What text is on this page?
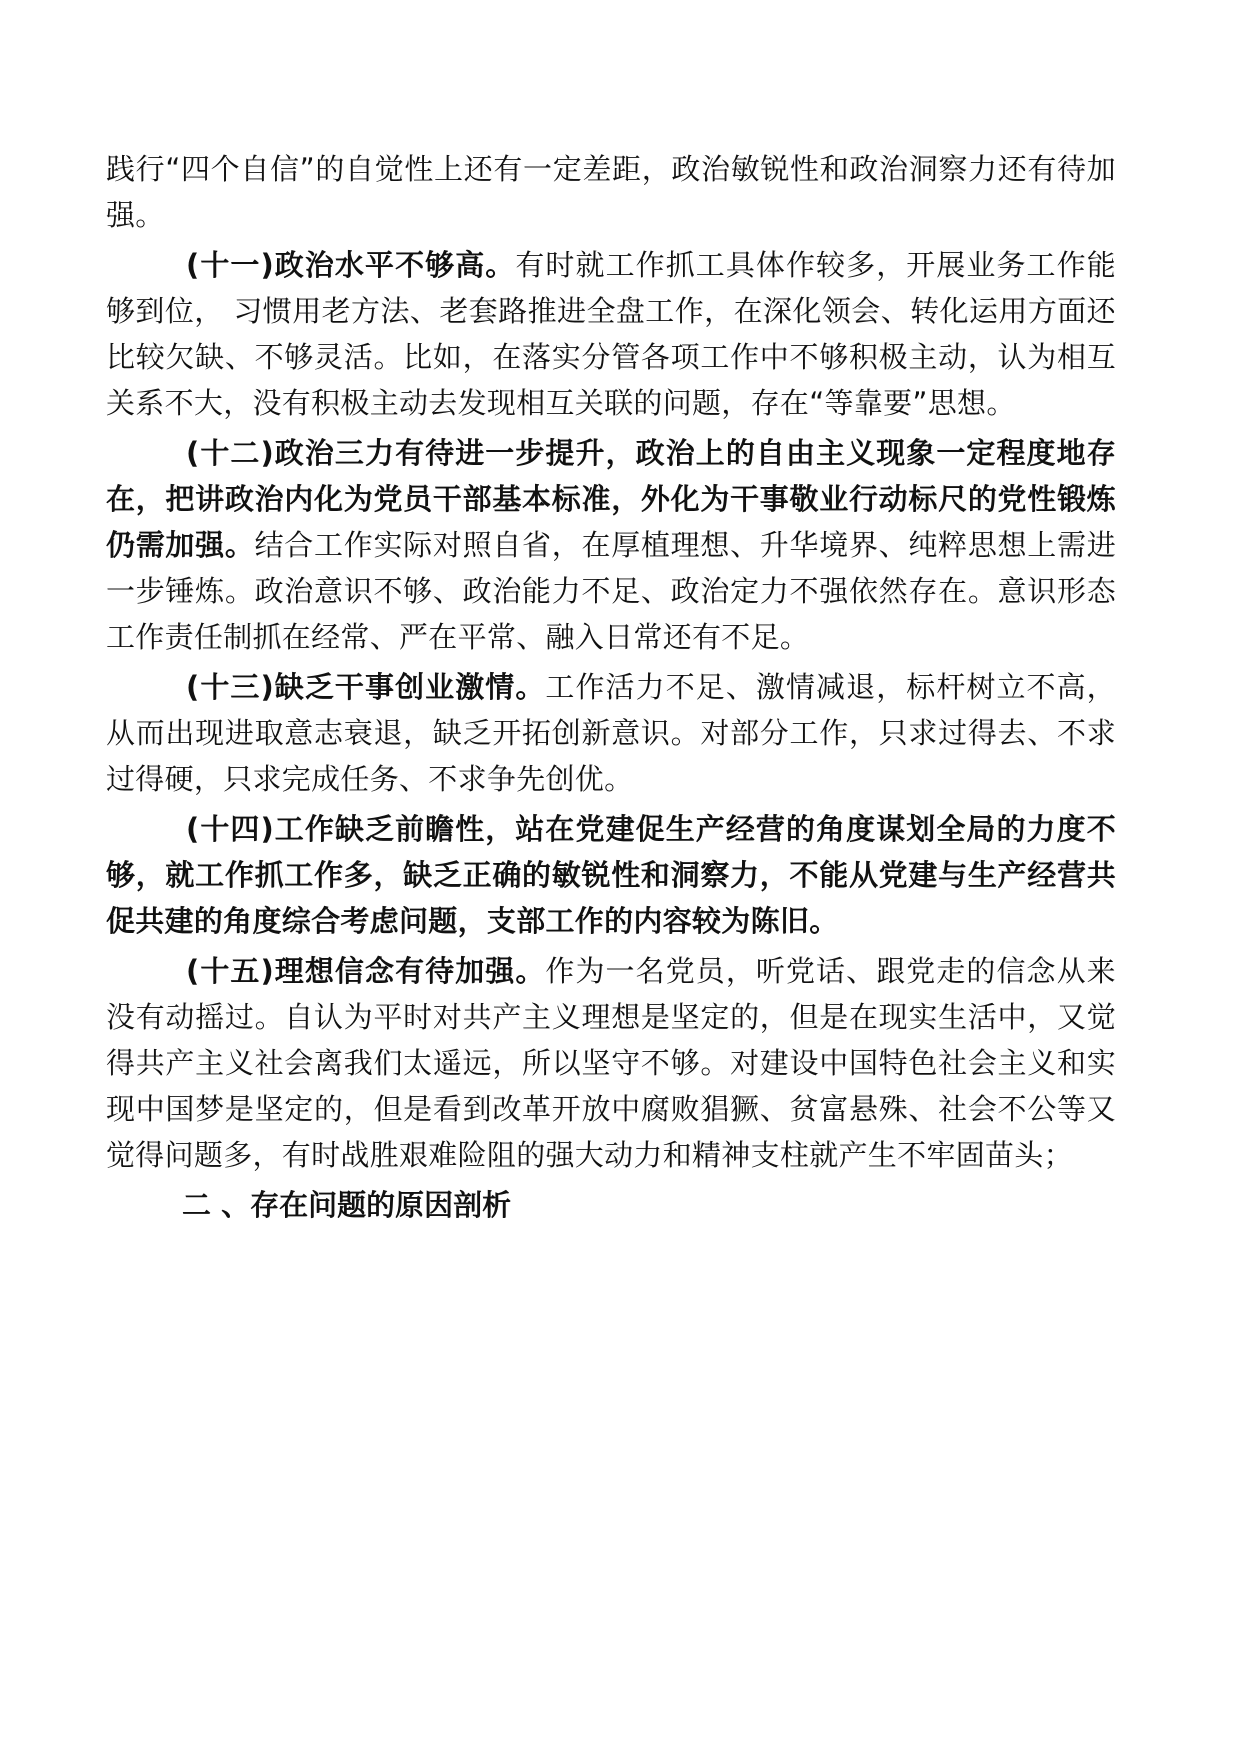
践行“四个自信”的自觉性上还有一定差距，政治敏锐性和政治洞察力还有待加强。

(十一)政治水平不够高。有时就工作抓工具体作较多，开展业务工作能够到位， 习惯用老方法、老套路推进全盘工作，在深化领会、转化运用方面还比较欠缺、不够灵活。比如，在落实分管各项工作中不够积极主动，认为相互关系不大，没有积极主动去发现相互关联的问题，存在“等靠要”思想。

(十二)政治三力有待进一步提升，政治上的自由主义现象一定程度地存在，把讲政治内化为党员干部基本标准，外化为干事敬业行动标尺的党性锻炼仍需加强。结合工作实际对照自省，在厚植理想、升华境界、纯粹思想上需进一步锤炼。政治意识不够、政治能力不足、政治定力不强依然存在。意识形态工作责任制抓在经常、严在平常、融入日常还有不足。

(十三)缺乏干事创业激情。工作活力不足、激情减退，标杆树立不高，从而出现进取意志衰退，缺乏开拓创新意识。对部分工作，只求过得去、不求过得硬，只求完成任务、不求争先创优。

(十四)工作缺乏前瞻性，站在党建促生产经营的角度谋划全局的力度不够，就工作抓工作多，缺乏正确的敏锐性和洞察力，不能从党建与生产经营共促共建的角度综合考虑问题，支部工作的内容较为陈旧。

(十五)理想信念有待加强。作为一名党员，听党话、跟党走的信念从来没有动摇过。自认为平时对共产主义理想是坚定的，但是在现实生活中，又觉得共产主义社会离我们太遥远，所以坚守不够。对建设中国特色社会主义和实现中国梦是坚定的，但是看到改革开放中腐败猖獗、贫富悬殊、社会不公等又觉得问题多，有时战胜艰难险阻的强大动力和精神支柱就产生不牢固苗头；

二 、存在问题的原因剖析
